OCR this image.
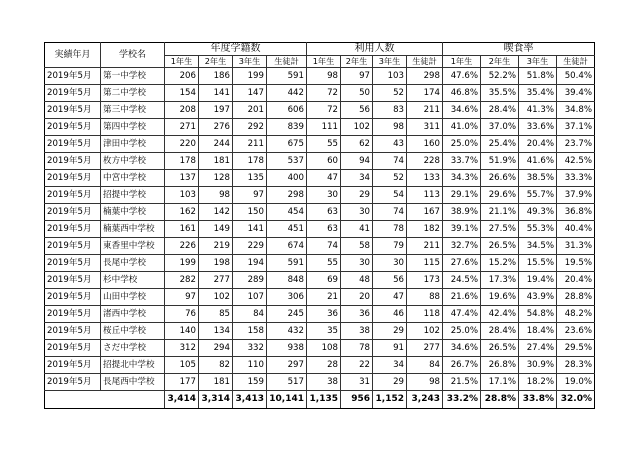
実績年月	学校名	年度学籍数				利用人数				喫食率			
		1年生	2年生	3年生	生徒計	1年生	2年生	3年生	生徒計	1年生	2年生	3年生	生徒計
2019年5月	第一中学校	206	186	199	591	98	97	103	298	47.6%	52.2%	51.8%	50.4%
2019年5月	第二中学校	154	141	147	442	72	50	52	174	46.8%	35.5%	35.4%	39.4%
2019年5月	第三中学校	208	197	201	606	72	56	83	211	34.6%	28.4%	41.3%	34.8%
2019年5月	第四中学校	271	276	292	839	111	102	98	311	41.0%	37.0%	33.6%	37.1%
2019年5月	津田中学校	220	244	211	675	55	62	43	160	25.0%	25.4%	20.4%	23.7%
2019年5月	枚方中学校	178	181	178	537	60	94	74	228	33.7%	51.9%	41.6%	42.5%
2019年5月	中宮中学校	137	128	135	400	47	34	52	133	34.3%	26.6%	38.5%	33.3%
2019年5月	招提中学校	103	98	97	298	30	29	54	113	29.1%	29.6%	55.7%	37.9%
2019年5月	楠葉中学校	162	142	150	454	63	30	74	167	38.9%	21.1%	49.3%	36.8%
2019年5月	楠葉西中学校	161	149	141	451	63	41	78	182	39.1%	27.5%	55.3%	40.4%
2019年5月	東香里中学校	226	219	229	674	74	58	79	211	32.7%	26.5%	34.5%	31.3%
2019年5月	長尾中学校	199	198	194	591	55	30	30	115	27.6%	15.2%	15.5%	19.5%
2019年5月	杉中学校	282	277	289	848	69	48	56	173	24.5%	17.3%	19.4%	20.4%
2019年5月	山田中学校	97	102	107	306	21	20	47	88	21.6%	19.6%	43.9%	28.8%
2019年5月	渚西中学校	76	85	84	245	36	36	46	118	47.4%	42.4%	54.8%	48.2%
2019年5月	桜丘中学校	140	134	158	432	35	38	29	102	25.0%	28.4%	18.4%	23.6%
2019年5月	さだ中学校	312	294	332	938	108	78	91	277	34.6%	26.5%	27.4%	29.5%
2019年5月	招提北中学校	105	82	110	297	28	22	34	84	26.7%	26.8%	30.9%	28.3%
2019年5月	長尾西中学校	177	181	159	517	38	31	29	98	21.5%	17.1%	18.2%	19.0%
		3,414	3,314	3,413	10,141	1,135	956	1,152	3,243	33.2%	28.8%	33.8%	32.0%
